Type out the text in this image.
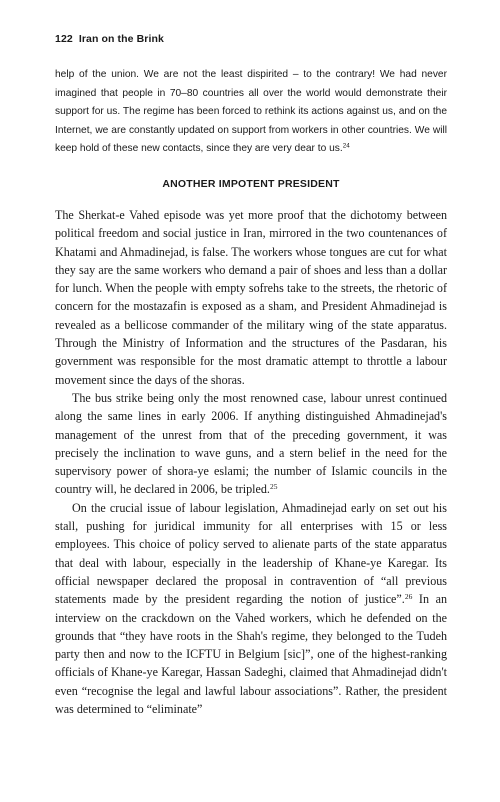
122 Iran on the Brink

help of the union. We are not the least dispirited – to the contrary! We had never imagined that people in 70–80 countries all over the world would demonstrate their support for us. The regime has been forced to rethink its actions against us, and on the Internet, we are constantly updated on support from workers in other countries. We will keep hold of these new contacts, since they are very dear to us.$^{24}$

ANOTHER IMPOTENT PRESIDENT

The Sherkat-e Vahed episode was yet more proof that the dichotomy between political freedom and social justice in Iran, mirrored in the two countenances of Khatami and Ahmadinejad, is false. The workers whose tongues are cut for what they say are the same workers who demand a pair of shoes and less than a dollar for lunch. When the people with empty sofrehs take to the streets, the rhetoric of concern for the mostazafin is exposed as a sham, and President Ahmadinejad is revealed as a bellicose commander of the military wing of the state apparatus. Through the Ministry of Information and the structures of the Pasdaran, his government was responsible for the most dramatic attempt to throttle a labour movement since the days of the shoras.

The bus strike being only the most renowned case, labour unrest continued along the same lines in early 2006. If anything distinguished Ahmadinejad's management of the unrest from that of the preceding government, it was precisely the inclination to wave guns, and a stern belief in the need for the supervisory power of shora-ye eslami; the number of Islamic councils in the country will, he declared in 2006, be tripled.$^{25}$

On the crucial issue of labour legislation, Ahmadinejad early on set out his stall, pushing for juridical immunity for all enterprises with 15 or less employees. This choice of policy served to alienate parts of the state apparatus that deal with labour, especially in the leadership of Khane-ye Karegar. Its official newspaper declared the proposal in contravention of “all previous statements made by the president regarding the notion of justice”.$^{26}$ In an interview on the crackdown on the Vahed workers, which he defended on the grounds that “they have roots in the Shah's regime, they belonged to the Tudeh party then and now to the ICFTU in Belgium [sic]”, one of the highest-ranking officials of Khane-ye Karegar, Hassan Sadeghi, claimed that Ahmadinejad didn't even “recognise the legal and lawful labour associations”. Rather, the president was determined to “eliminate”
